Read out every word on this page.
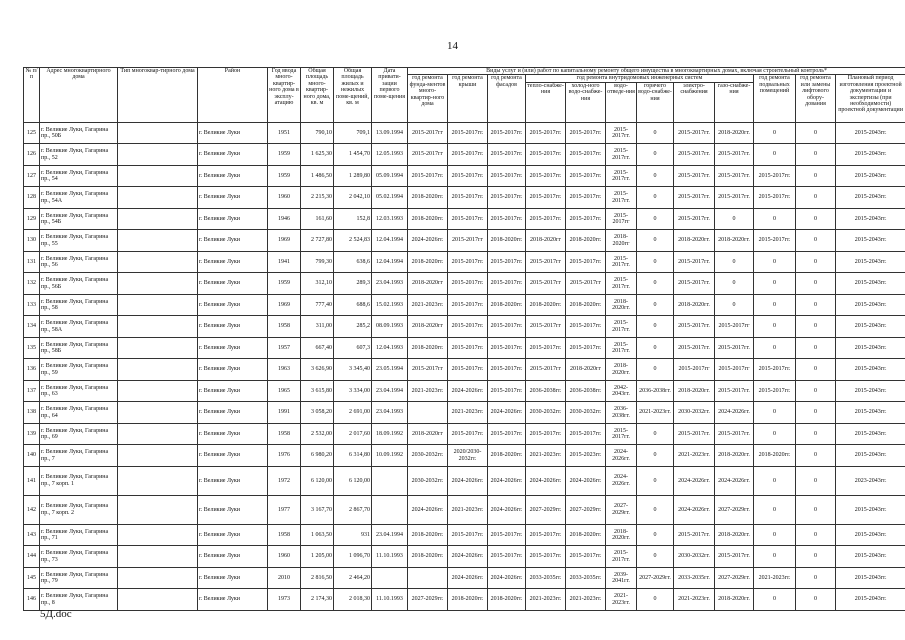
14
№ п/п	Адрес многоквартирного дома	Тип многоквар-тирного дома	Район	Год ввода много-квартир-ного дома в эксплу-атацию	Общая площадь много-квартир-ного дома, кв. м	Общая площадь жилых и нежилых поме-щений, кв. м	Дата привати-зации первого поме-щения	Виды услуг и (или) работ по капитальному ремонту общего имущества в многоквартирных домах, включая строительный контроль*											
								год ремонта фунда-ментов много-квартир-ного дома	год ремонта крыши	год ремонта фасадов	год ремонта внутридомовых инженерных систем						год ремонта подвальных помещений	год ремонта или замены лифтового обору-дования	Плановый период изготовления проектной документации и экспертизы (при необходимости) проектной документации
											тепло-снабже-ния	холод-ного водо-снабже-ния	водо-отведе-ния	горячего водо-снабже-ния	электро-снабжения	газо-снабже-ния			
125	г. Великие Луки, Гагарина пр., 50Б		г. Великие Луки	1951	790,10	709,1	13.09.1994	2015-2017гг	2015-2017гг.	2015-2017гг.	2015-2017гг.	2015-2017гг.	2015-2017гг.	0	2015-2017гг.	2018-2020гг.	0	0	2015-2043гг.
126	г. Великие Луки, Гагарина пр., 52		г. Великие Луки	1959	1 625,30	1 454,70	12.05.1993	2015-2017гг	2015-2017гг.	2015-2017гг.	2015-2017гг.	2015-2017гг.	2015-2017гг.	0	2015-2017гг.	2015-2017гг.	0	0	2015-2043гг.
127	г. Великие Луки, Гагарина пр., 54		г. Великие Луки	1959	1 486,50	1 289,80	05.09.1994	2015-2017гг.	2015-2017гг.	2015-2017гг.	2015-2017гг.	2015-2017гг.	2015-2017гг.	0	2015-2017гг.	2015-2017гг.	2015-2017гг.	0	2015-2043гг.
128	г. Великие Луки, Гагарина пр., 54А		г. Великие Луки	1960	2 215,30	2 042,10	05.02.1994	2018-2020гг.	2015-2017гг.	2015-2017гг.	2015-2017гг.	2015-2017гг.	2015-2017гг.	0	2015-2017гг.	2015-2017гг.	2015-2017гг.	0	2015-2043гг.
129	г. Великие Луки, Гагарина пр., 54Б		г. Великие Луки	1946	161,60	152,8	12.03.1993	2018-2020гг.	2015-2017гг.	2015-2017гг.	2015-2017гг.	2015-2017гг.	2015-2017гг	0	2015-2017гг.	0	0	0	2015-2043гг.
130	г. Великие Луки, Гагарина пр., 55		г. Великие Луки	1969	2 727,80	2 524,83	12.04.1994	2024-2026гг.	2015-2017гг	2018-2020гг.	2018-2020гг	2018-2020гг.	2018-2020гг	0	2018-2020гг.	2018-2020гг.	2015-2017гг.	0	2015-2043гг.
131	г. Великие Луки, Гагарина пр., 56		г. Великие Луки	1941	799,30	638,6	12.04.1994	2018-2020гг.	2015-2017гг.	2015-2017гг.	2015-2017гг	2015-2017гг.	2015-2017гг.	0	2015-2017гг.	0	0	0	2015-2043гг.
132	г. Великие Луки, Гагарина пр., 56Б		г. Великие Луки	1959	312,10	289,3	23.04.1993	2018-2020гг	2015-2017гг.	2015-2017гг.	2015-2017гг	2015-2017гг	2015-2017гг.	0	2015-2017гг.	0	0	0	2015-2043гг.
133	г. Великие Луки, Гагарина пр., 58		г. Великие Луки	1969	777,40	688,6	15.02.1993	2021-2023гг.	2015-2017гг.	2018-2020гг.	2018-2020гг.	2018-2020гг.	2018-2020гг.	0	2018-2020гг.	0	0	0	2015-2043гг.
134	г. Великие Луки, Гагарина пр., 58А		г. Великие Луки	1958	311,00	285,2	08.09.1993	2018-2020гг	2015-2017гг.	2015-2017гг.	2015-2017гг	2015-2017гг.	2015-2017гг.	0	2015-2017гг.	2015-2017гг	0	0	2015-2043гг.
135	г. Великие Луки, Гагарина пр., 58Б		г. Великие Луки	1957	667,40	607,3	12.04.1993	2018-2020гг.	2015-2017гг.	2015-2017гг.	2015-2017гг.	2015-2017гг.	2015-2017гг.	0	2015-2017гг.	2015-2017гг.	0	0	2015-2043гг.
136	г. Великие Луки, Гагарина пр., 59		г. Великие Луки	1963	3 626,90	3 345,40	23.05.1994	2015-2017гг	2015-2017гг.	2015-2017гг.	2015-2017гг	2018-2020гг	2018-2020гг.	0	2015-2017гг	2015-2017гг	2015-2017гг.	0	2015-2043гг.
137	г. Великие Луки, Гагарина пр., 63		г. Великие Луки	1965	3 615,80	3 334,00	23.04.1994	2021-2023гг.	2024-2026гг.	2015-2017гг.	2036-2038гг.	2036-2038гг.	2042-2043гг.	2036-2038гг.	2018-2020гг.	2015-2017гг.	2015-2017гг.	0	2015-2043гг.
138	г. Великие Луки, Гагарина пр., 64		г. Великие Луки	1991	3 058,20	2 691,00	23.04.1993		2021-2023гг.	2024-2026гг.	2030-2032гг.	2030-2032гг.	2036-2038гг.	2021-2023гг.	2030-2032гг.	2024-2026гг.	0	0	2015-2043гг.
139	г. Великие Луки, Гагарина пр., 69		г. Великие Луки	1958	2 532,00	2 017,60	18.09.1992	2018-2020гг	2015-2017гг.	2015-2017гг.	2015-2017гг.	2015-2017гг.	2015-2017гг.	0	2015-2017гг.	2015-2017гг.	0	0	2015-2043гг.
140	г. Великие Луки, Гагарина пр., 7		г. Великие Луки	1976	6 980,20	6 314,80	10.09.1992	2030-2032гг.	2020/2030-2032гг.	2018-2020гг.	2021-2023гг.	2015-2023гг.	2024-2026гг.	0	2021-2023гг.	2018-2020гг.	2018-2020гг.	0	2015-2043гг.
141	г. Великие Луки, Гагарина пр., 7 корп. 1		г. Великие Луки	1972	6 120,00	6 120,00		2030-2032гг.	2024-2026гг.	2024-2026гг.	2024-2026гг.	2024-2026гг.	2024-2026гг.	0	2024-2026гг.	2024-2026гг.	0	0	2023-2043гг.
142	г. Великие Луки, Гагарина пр., 7 корп. 2		г. Великие Луки	1977	3 167,70	2 867,70		2024-2026гг.	2021-2023гг.	2024-2026гг.	2027-2029гг.	2027-2029гг.	2027-2029гг.	0	2024-2026гг.	2027-2029гг.	0	0	2015-2043гг.
143	г. Великие Луки, Гагарина пр., 71		г. Великие Луки	1958	1 063,50	931	23.04.1994	2018-2020гг.	2015-2017гг.	2015-2017гг.	2015-2017гг.	2018-2020гг.	2018-2020гг.	0	2015-2017гг.	2018-2020гг.	0	0	2015-2043гг.
144	г. Великие Луки, Гагарина пр., 73		г. Великие Луки	1960	1 205,00	1 096,70	11.10.1993	2018-2020гг.	2024-2026гг.	2015-2017гг.	2015-2017гг.	2015-2017гг.	2015-2017гг.	0	2030-2032гг.	2015-2017гг.	0	0	2015-2043гг.
145	г. Великие Луки, Гагарина пр., 79		г. Великие Луки	2010	2 816,50	2 464,20			2024-2026гг.	2024-2026гг.	2033-2035гг.	2033-2035гг.	2039-2041гг.	2027-2029гг.	2033-2035гг.	2027-2029гг.	2021-2023гг.	0	2015-2043гг.
146	г. Великие Луки, Гагарина пр., 8		г. Великие Луки	1973	2 174,30	2 018,30	11.10.1993	2027-2029гг.	2018-2020гг.	2018-2020гг.	2021-2023гг.	2021-2023гг.	2021-2023гг.	0	2021-2023гг.	2018-2020гг.	0	0	2015-2043гг.
5Д.doc
